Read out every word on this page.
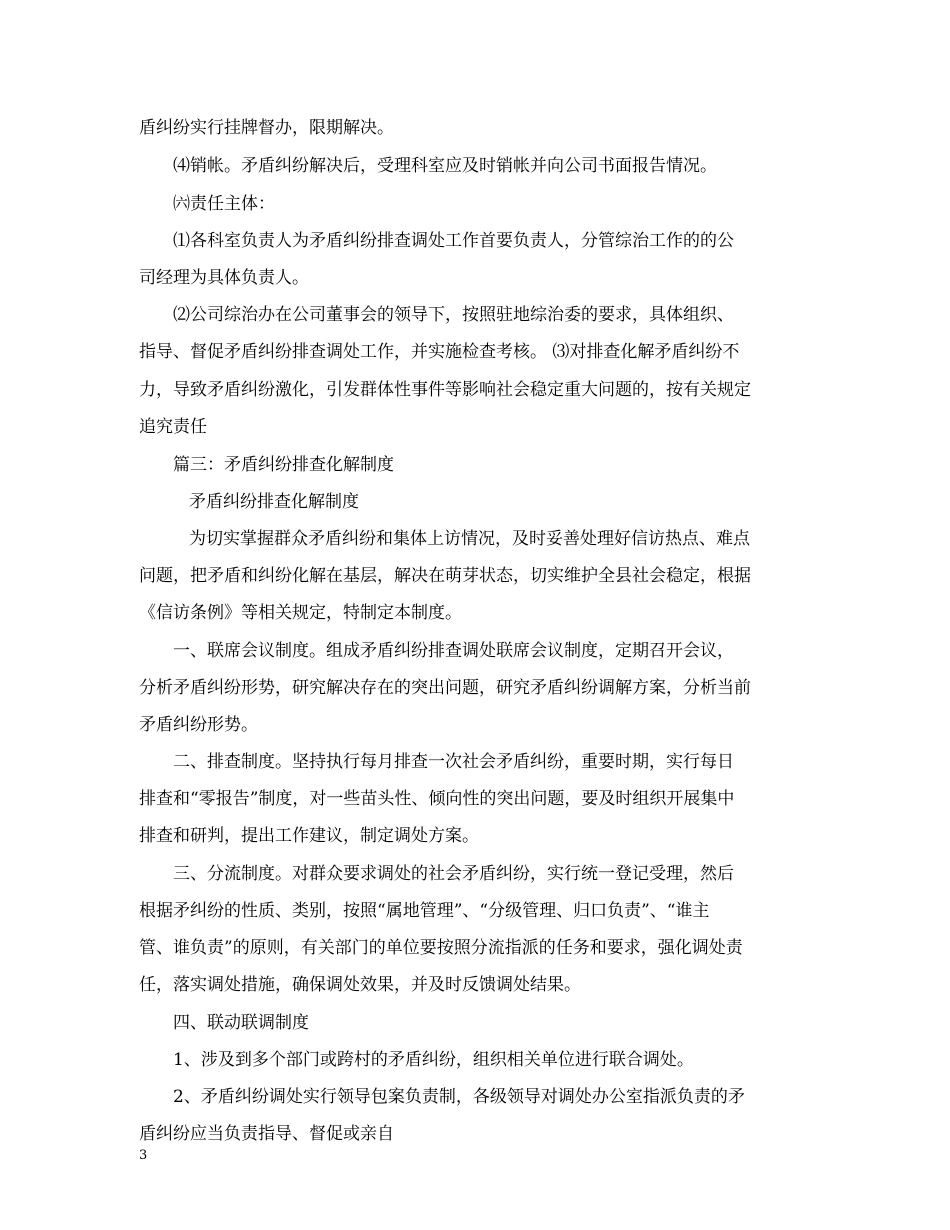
盾纠纷实行挂牌督办，限期解决。
⑷销帐。矛盾纠纷解决后，受理科室应及时销帐并向公司书面报告情况。
㈥责任主体：
⑴各科室负责人为矛盾纠纷排查调处工作首要负责人，分管综治工作的的公
司经理为具体负责人。
⑵公司综治办在公司董事会的领导下，按照驻地综治委的要求，具体组织、
指导、督促矛盾纠纷排查调处工作，并实施检查考核。 ⑶对排查化解矛盾纠纷不
力，导致矛盾纠纷激化，引发群体性事件等影响社会稳定重大问题的，按有关规定
追究责任
篇三：矛盾纠纷排查化解制度
矛盾纠纷排查化解制度
为切实掌握群众矛盾纠纷和集体上访情况，及时妥善处理好信访热点、难点
问题，把矛盾和纠纷化解在基层，解决在萌芽状态，切实维护全县社会稳定，根据
《信访条例》等相关规定，特制定本制度。
一、联席会议制度。组成矛盾纠纷排查调处联席会议制度，定期召开会议，
分析矛盾纠纷形势，研究解决存在的突出问题，研究矛盾纠纷调解方案，分析当前
矛盾纠纷形势。
二、排查制度。坚持执行每月排查一次社会矛盾纠纷，重要时期，实行每日
排查和“零报告”制度，对一些苗头性、倾向性的突出问题，要及时组织开展集中
排查和研判，提出工作建议，制定调处方案。
三、分流制度。对群众要求调处的社会矛盾纠纷，实行统一登记受理，然后
根据矛纠纷的性质、类别，按照“属地管理”、“分级管理、归口负责”、“谁主
管、谁负责”的原则，有关部门的单位要按照分流指派的任务和要求，强化调处责
任，落实调处措施，确保调处效果，并及时反馈调处结果。
四、联动联调制度
1、涉及到多个部门或跨村的矛盾纠纷，组织相关单位进行联合调处。
2、矛盾纠纷调处实行领导包案负责制，各级领导对调处办公室指派负责的矛
盾纠纷应当负责指导、督促或亲自
3
